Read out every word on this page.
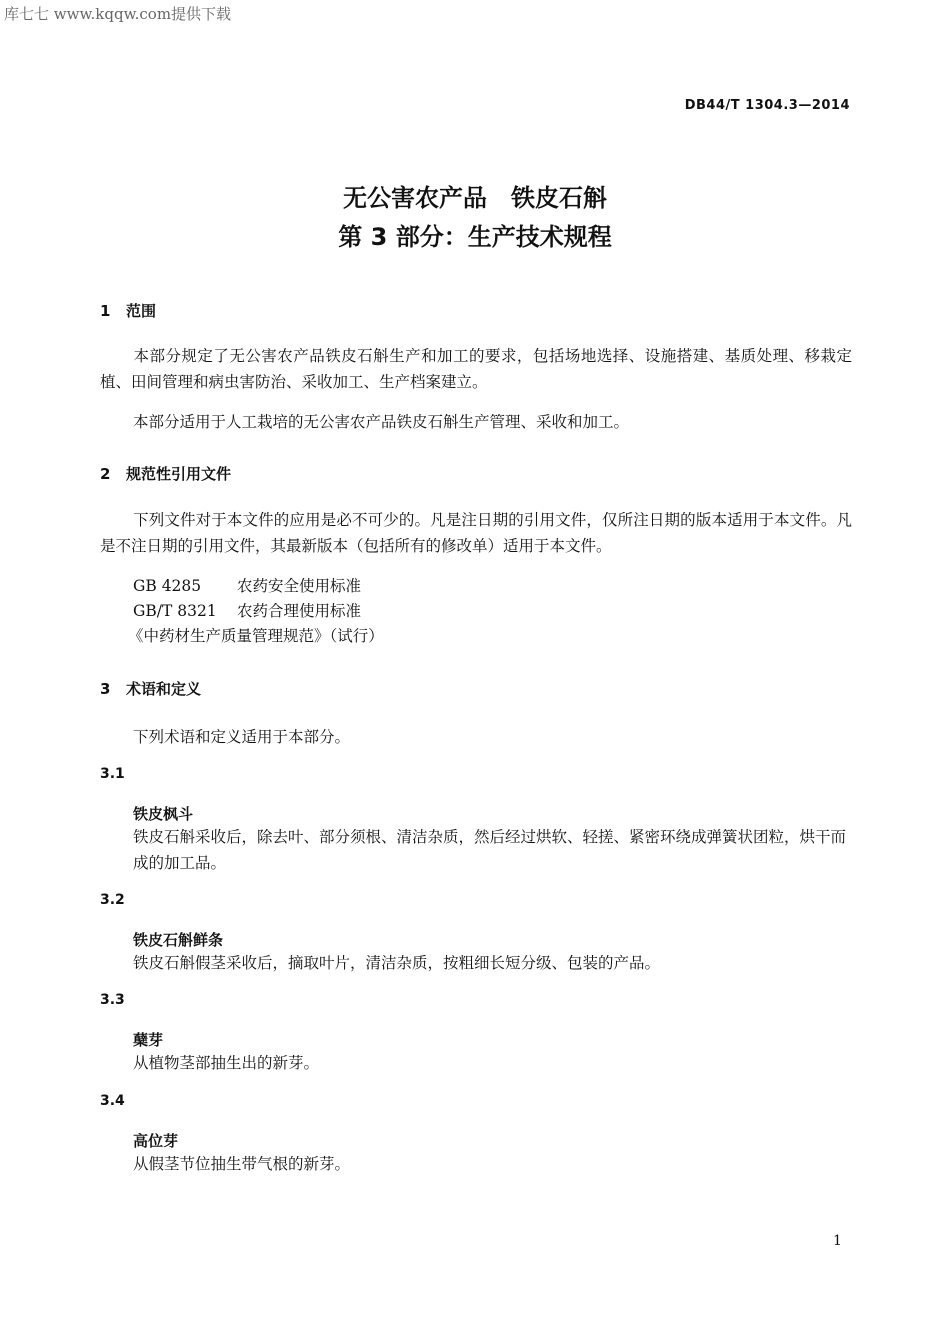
库七七 www.kqqw.com提供下载
DB44/T 1304.3—2014
无公害农产品　铁皮石斛
第 3 部分：生产技术规程
1 范围
本部分规定了无公害农产品铁皮石斛生产和加工的要求，包括场地选择、设施搭建、基质处理、移栽定植、田间管理和病虫害防治、采收加工、生产档案建立。
本部分适用于人工栽培的无公害农产品铁皮石斛生产管理、采收和加工。
2 规范性引用文件
下列文件对于本文件的应用是必不可少的。凡是注日期的引用文件，仅所注日期的版本适用于本文件。凡是不注日期的引用文件，其最新版本（包括所有的修改单）适用于本文件。
GB 4285 农药安全使用标准
GB/T 8321 农药合理使用标准
《中药材生产质量管理规范》（试行）
3 术语和定义
下列术语和定义适用于本部分。
3.1
铁皮枫斗
铁皮石斛采收后，除去叶、部分须根、清洁杂质，然后经过烘软、轻搓、紧密环绕成弹簧状团粒，烘干而成的加工品。
3.2
铁皮石斛鲜条
铁皮石斛假茎采收后，摘取叶片，清洁杂质，按粗细长短分级、包装的产品。
3.3
蘖芽
从植物茎部抽生出的新芽。
3.4
高位芽
从假茎节位抽生带气根的新芽。
1
